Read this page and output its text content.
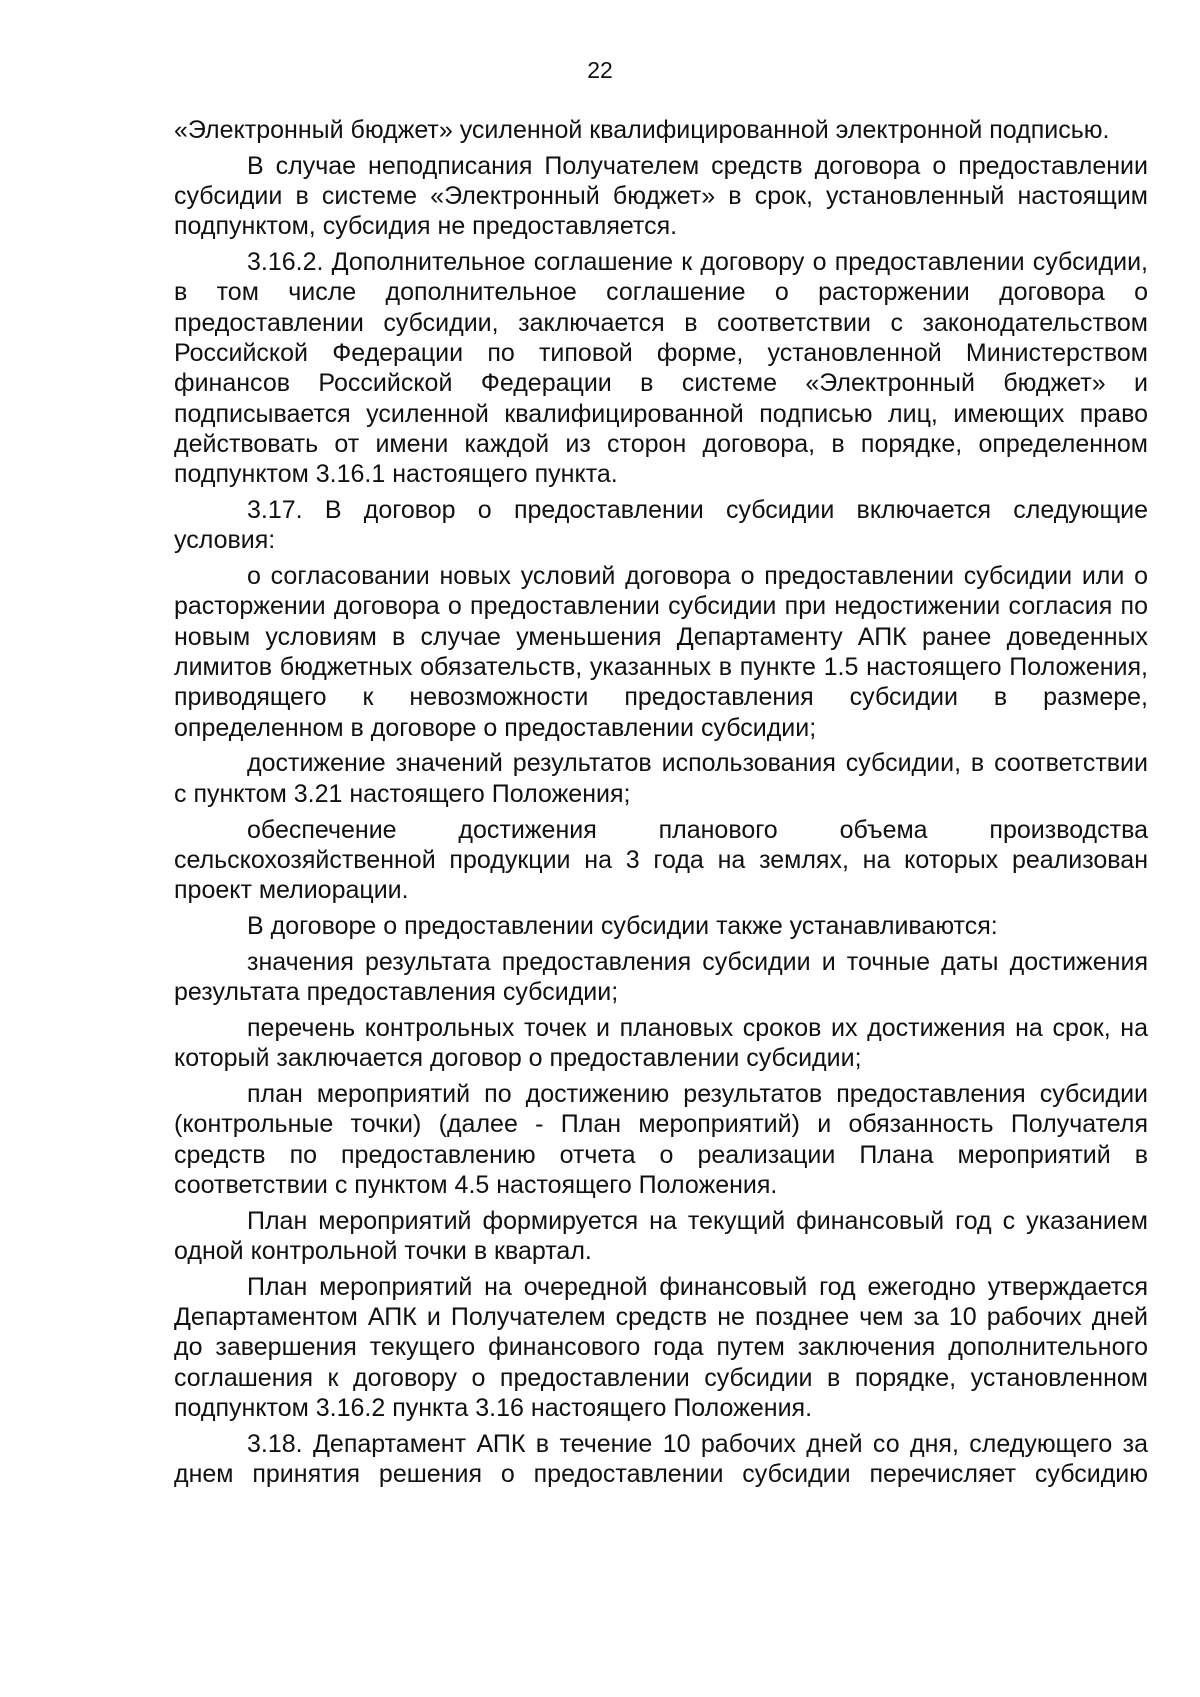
22

«Электронный бюджет» усиленной квалифицированной электронной подписью.

В случае неподписания Получателем средств договора о предоставлении субсидии в системе «Электронный бюджет» в срок, установленный настоящим подпунктом, субсидия не предоставляется.

3.16.2. Дополнительное соглашение к договору о предоставлении субсидии, в том числе дополнительное соглашение о расторжении договора о предоставлении субсидии, заключается в соответствии с законодательством Российской Федерации по типовой форме, установленной Министерством финансов Российской Федерации в системе «Электронный бюджет» и подписывается усиленной квалифицированной подписью лиц, имеющих право действовать от имени каждой из сторон договора, в порядке, определенном подпунктом 3.16.1 настоящего пункта.

3.17. В договор о предоставлении субсидии включается следующие условия:

о согласовании новых условий договора о предоставлении субсидии или о расторжении договора о предоставлении субсидии при недостижении согласия по новым условиям в случае уменьшения Департаменту АПК ранее доведенных лимитов бюджетных обязательств, указанных в пункте 1.5 настоящего Положения, приводящего к невозможности предоставления субсидии в размере, определенном в договоре о предоставлении субсидии;

достижение значений результатов использования субсидии, в соответствии с пунктом 3.21 настоящего Положения;

обеспечение достижения планового объема производства сельскохозяйственной продукции на 3 года на землях, на которых реализован проект мелиорации.

В договоре о предоставлении субсидии также устанавливаются:

значения результата предоставления субсидии и точные даты достижения результата предоставления субсидии;

перечень контрольных точек и плановых сроков их достижения на срок, на который заключается договор о предоставлении субсидии;

план мероприятий по достижению результатов предоставления субсидии (контрольные точки) (далее - План мероприятий) и обязанность Получателя средств по предоставлению отчета о реализации Плана мероприятий в соответствии с пунктом 4.5 настоящего Положения.

План мероприятий формируется на текущий финансовый год с указанием одной контрольной точки в квартал.

План мероприятий на очередной финансовый год ежегодно утверждается Департаментом АПК и Получателем средств не позднее чем за 10 рабочих дней до завершения текущего финансового года путем заключения дополнительного соглашения к договору о предоставлении субсидии в порядке, установленном подпунктом 3.16.2 пункта 3.16 настоящего Положения.

3.18. Департамент АПК в течение 10 рабочих дней со дня, следующего за днем принятия решения о предоставлении субсидии перечисляет субсидию
